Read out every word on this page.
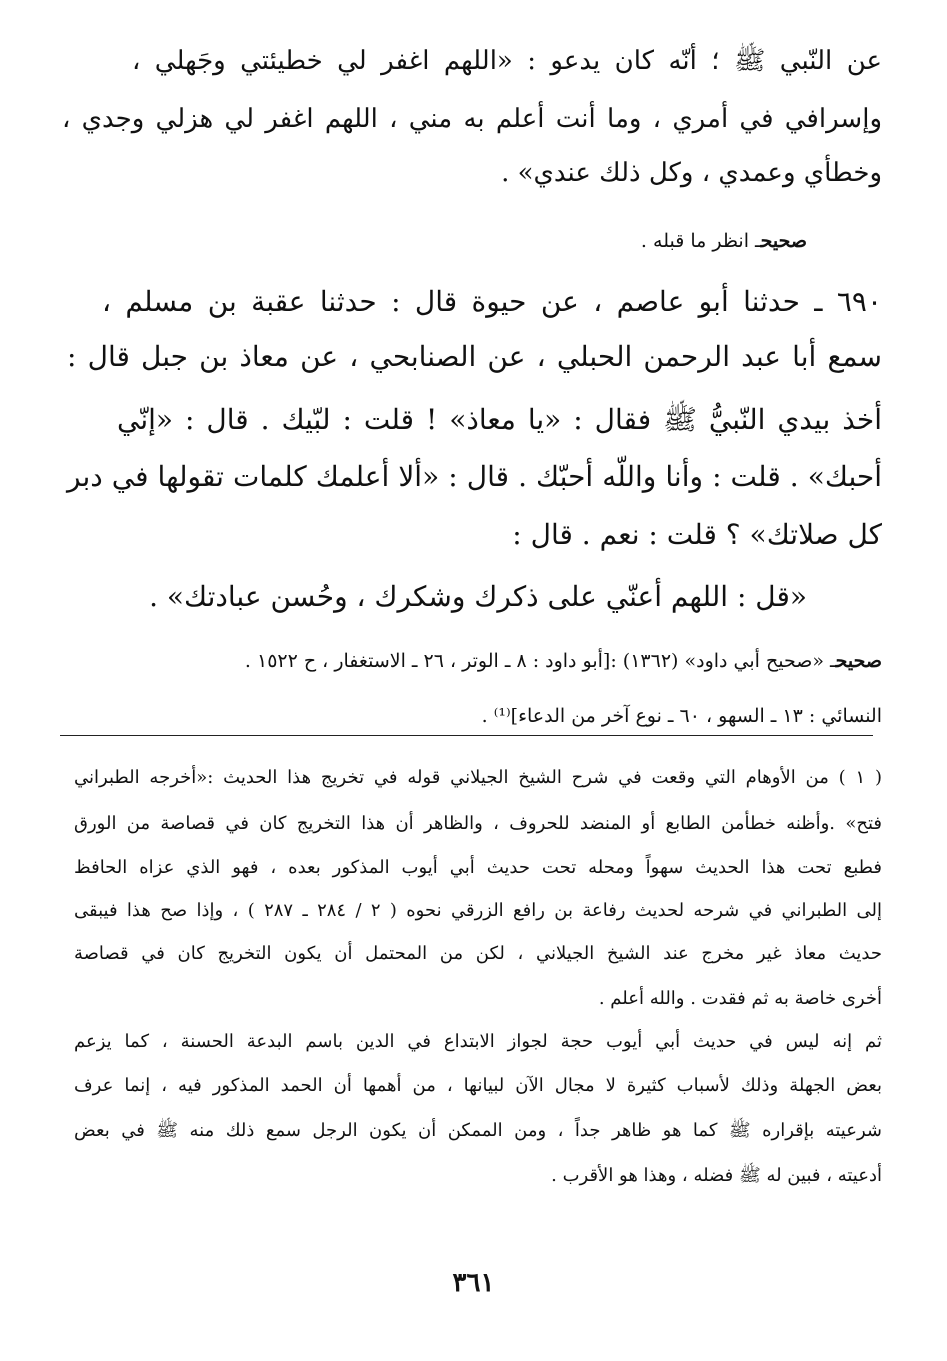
عن النّبي ﷺ ؛ أنّه كان يدعو : «اللهم اغفر لي خطيئتي وجَهلي ،
وإسرافي في أمري ، وما أنت أعلم به مني ، اللهم اغفر لي هزلي وجدي ،
وخطأي وعمدي ، وكل ذلك عندي» .
صحيحـ انظر ما قبله .
٦٩٠ ـ حدثنا أبو عاصم ، عن حيوة قال : حدثنا عقبة بن مسلم ،
سمع أبا عبد الرحمن الحبلي ، عن الصنابحي ، عن معاذ بن جبل قال :
أخذ بيدي النّبيُّ ﷺ فقال : «يا معاذ» ! قلت : لبّيك . قال : «إنّي
أحبك» . قلت : وأنا واللّه أحبّك . قال : «ألا أعلمك كلمات تقولها في دبر
كل صلاتك» ؟ قلت : نعم . قال :
«قل : اللهم أعنّي على ذكرك وشكرك ، وحُسن عبادتك» .
صحيحـ «صحيح أبي داود» (١٣٦٢) :[أبو داود : ٨ ـ الوتر ، ٢٦ ـ الاستغفار ، ح ١٥٢٢ .
النسائي : ١٣ ـ السهو ، ٦٠ ـ نوع آخر من الدعاء]⁽¹⁾ .
( ١ ) من الأوهام التي وقعت في شرح الشيخ الجيلاني قوله في تخريج هذا الحديث :«أخرجه الطبراني
فتح» .وأظنه خطأمن الطابع أو المنضد للحروف ، والظاهر أن هذا التخريج كان في قصاصة من الورق
فطبع تحت هذا الحديث سهواً ومحله تحت حديث أبي أيوب المذكور بعده ، فهو الذي عزاه الحافظ
إلى الطبراني في شرحه لحديث رفاعة بن رافع الزرقي نحوه ( ٢ / ٢٨٤ ـ ٢٨٧ ) ، وإذا صح هذا فيبقى
حديث معاذ غير مخرج عند الشيخ الجيلاني ، لكن من المحتمل أن يكون التخريج كان في قصاصة
أخرى خاصة به ثم فقدت . والله أعلم .
ثم إنه ليس في حديث أبي أيوب حجة لجواز الابتداع في الدين باسم البدعة الحسنة ، كما يزعم
بعض الجهلة وذلك لأسباب كثيرة لا مجال الآن لبيانها ، من أهمها أن الحمد المذكور فيه ، إنما عرف
شرعيته بإقراره ﷺ كما هو ظاهر جداً ، ومن الممكن أن يكون الرجل سمع ذلك منه ﷺ في بعض
أدعيته ، فبين له ﷺ فضله ، وهذا هو الأقرب .
٣٦١
